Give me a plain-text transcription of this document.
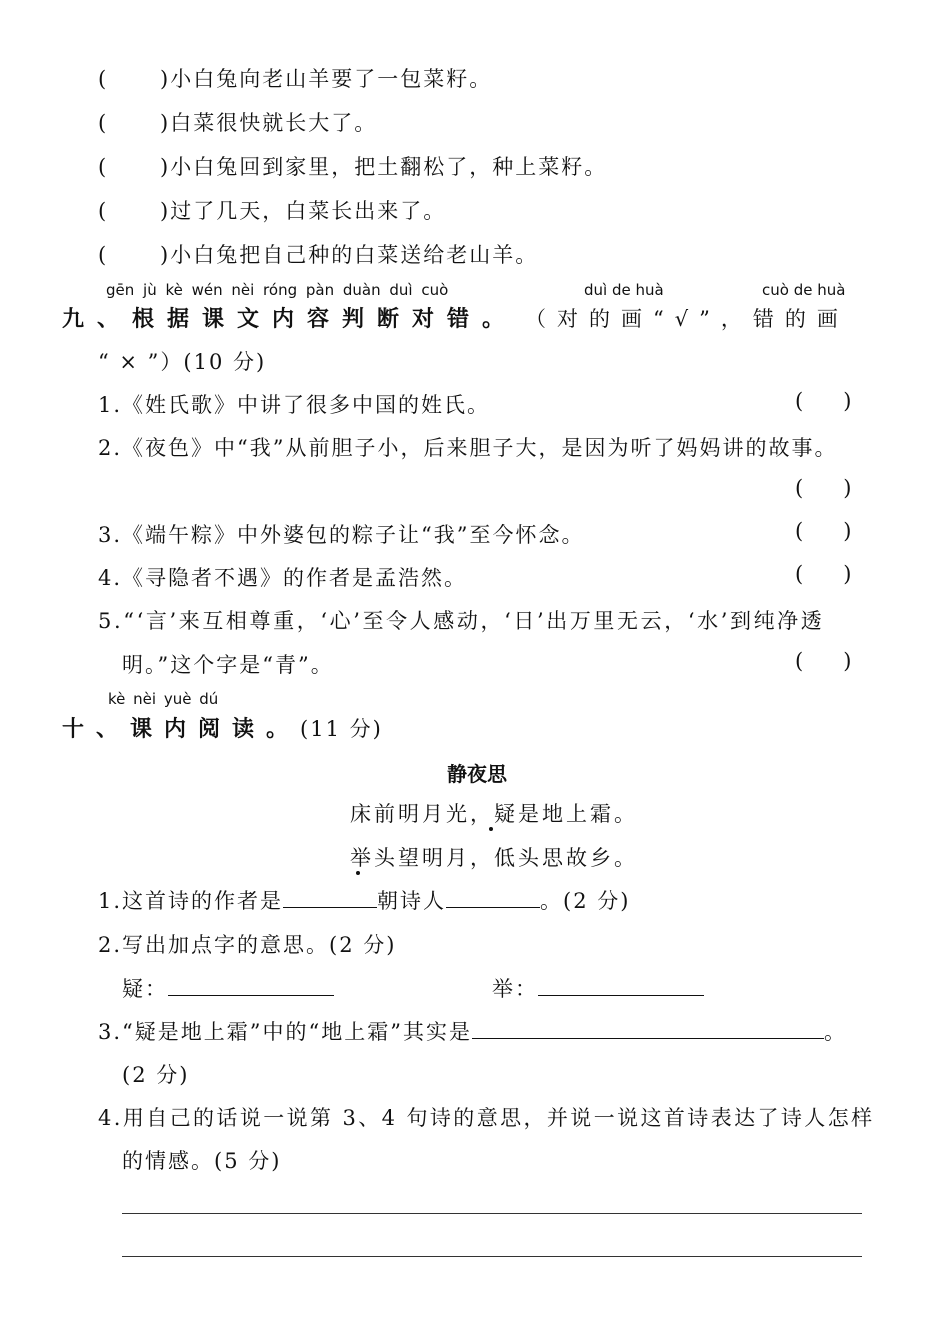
( )小白兔向老山羊要了一包菜籽。
( )白菜很快就长大了。
( )小白兔回到家里，把土翻松了，种上菜籽。
( )过了几天，白菜长出来了。
( )小白兔把自己种的白菜送给老山羊。
gēn jù kè wén nèi róng pàn duàn duì cuò	duì de huà	cuò de huà
九、根据课文内容判断对错。 （对的画“√”，错的画
“ × ”）(10 分)
1.《姓氏歌》中讲了很多中国的姓氏。	(      )
2.《夜色》中“我”从前胆子小，后来胆子大，是因为听了妈妈讲的故事。
(      )
3.《端午粽》中外婆包的粽子让“我”至今怀念。	(      )
4.《寻隐者不遇》的作者是孟浩然。	(      )
5.“‘言’来互相尊重，‘心’至令人感动，‘日’出万里无云，‘水’到纯净透
明。”这个字是“青”。	(      )
kè nèi yuè dú
十、课内阅读。(11 分)
静夜思
床前明月光，疑是地上霜。
举头望明月，低头思故乡。
1.这首诗的作者是	朝诗人	。(2 分)
2.写出加点字的意思。(2 分)
疑：	举：
3.“疑是地上霜”中的“地上霜”其实是	。
(2 分)
4.用自己的话说一说第 3、4 句诗的意思，并说一说这首诗表达了诗人怎样
的情感。(5 分)
